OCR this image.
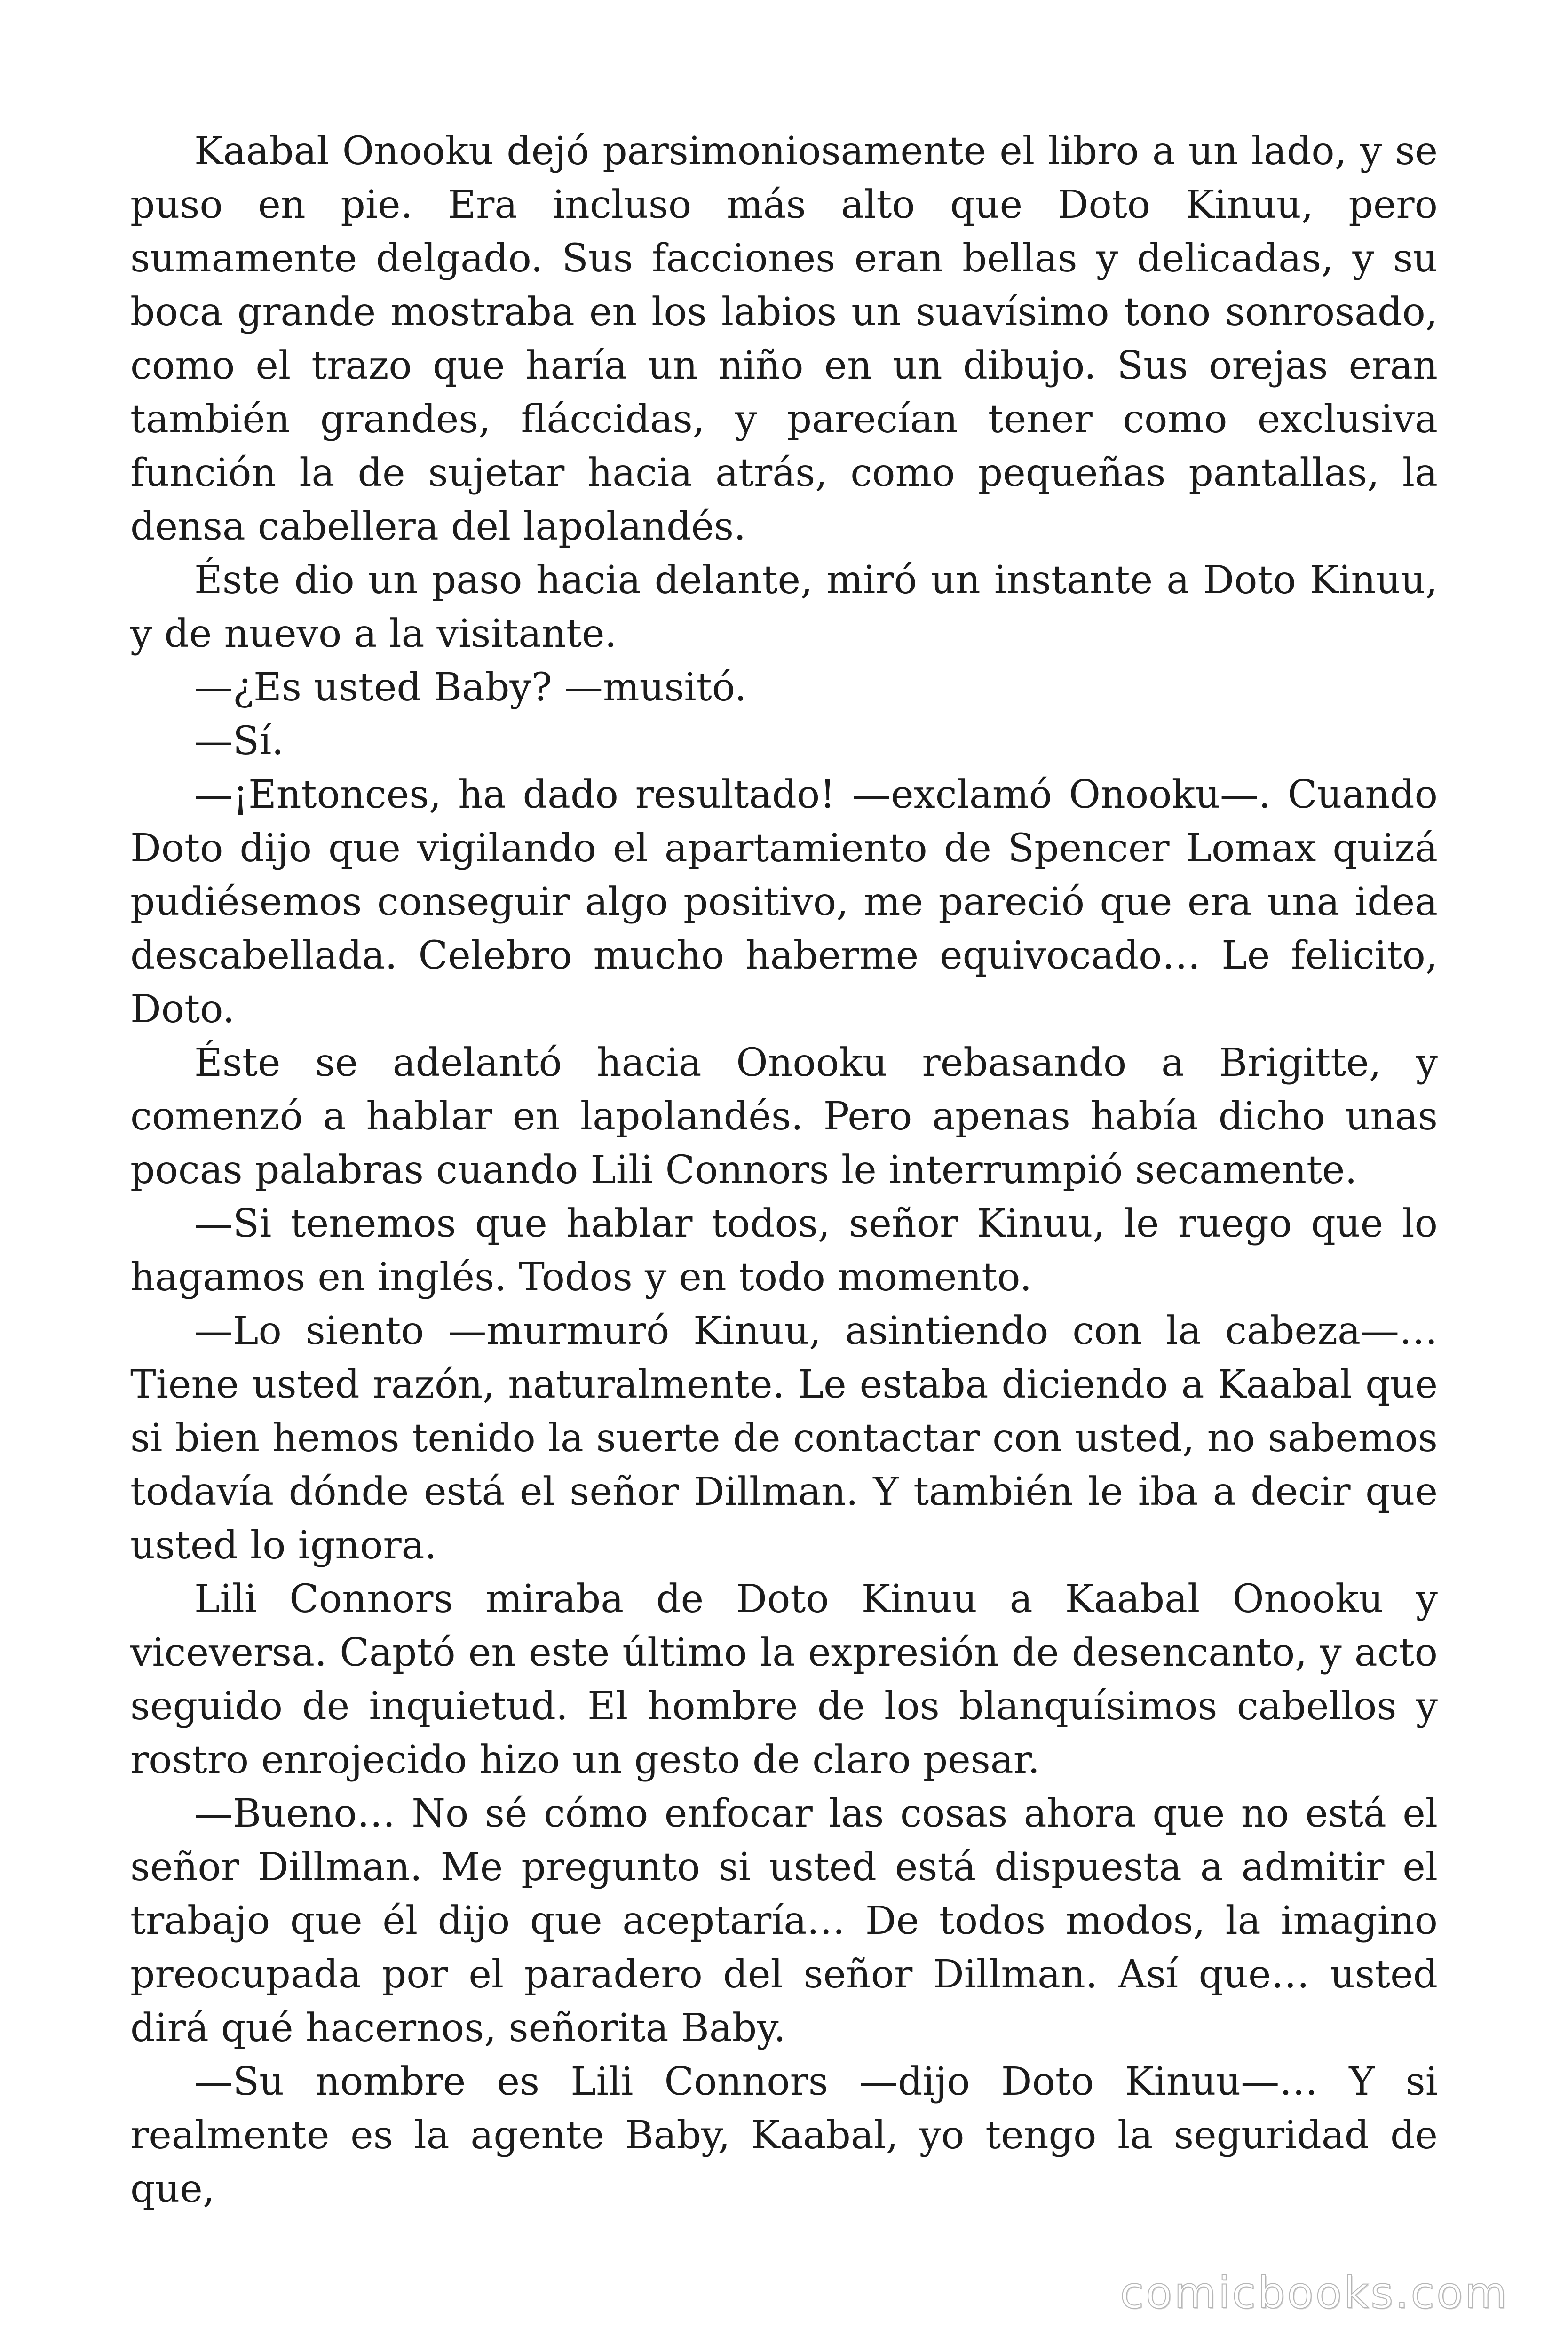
Kaabal Onooku dejó parsimoniosamente el libro a un lado, y se puso en pie. Era incluso más alto que Doto Kinuu, pero sumamente delgado. Sus facciones eran bellas y delicadas, y su boca grande mostraba en los labios un suavísimo tono sonrosado, como el trazo que haría un niño en un dibujo. Sus orejas eran también grandes, fláccidas, y parecían tener como exclusiva función la de sujetar hacia atrás, como pequeñas pantallas, la densa cabellera del lapolandés.

Éste dio un paso hacia delante, miró un instante a Doto Kinuu, y de nuevo a la visitante.

—¿Es usted Baby? —musitó.

—Sí.

—¡Entonces, ha dado resultado! —exclamó Onooku—. Cuando Doto dijo que vigilando el apartamiento de Spencer Lomax quizá pudiésemos conseguir algo positivo, me pareció que era una idea descabellada. Celebro mucho haberme equivocado… Le felicito, Doto.

Éste se adelantó hacia Onooku rebasando a Brigitte, y comenzó a hablar en lapolandés. Pero apenas había dicho unas pocas palabras cuando Lili Connors le interrumpió secamente.

—Si tenemos que hablar todos, señor Kinuu, le ruego que lo hagamos en inglés. Todos y en todo momento.

—Lo siento —murmuró Kinuu, asintiendo con la cabeza—… Tiene usted razón, naturalmente. Le estaba diciendo a Kaabal que si bien hemos tenido la suerte de contactar con usted, no sabemos todavía dónde está el señor Dillman. Y también le iba a decir que usted lo ignora.

Lili Connors miraba de Doto Kinuu a Kaabal Onooku y viceversa. Captó en este último la expresión de desencanto, y acto seguido de inquietud. El hombre de los blanquísimos cabellos y rostro enrojecido hizo un gesto de claro pesar.

—Bueno… No sé cómo enfocar las cosas ahora que no está el señor Dillman. Me pregunto si usted está dispuesta a admitir el trabajo que él dijo que aceptaría… De todos modos, la imagino preocupada por el paradero del señor Dillman. Así que… usted dirá qué hacernos, señorita Baby.

—Su nombre es Lili Connors —dijo Doto Kinuu—… Y si realmente es la agente Baby, Kaabal, yo tengo la seguridad de que,

comicbooks.com
